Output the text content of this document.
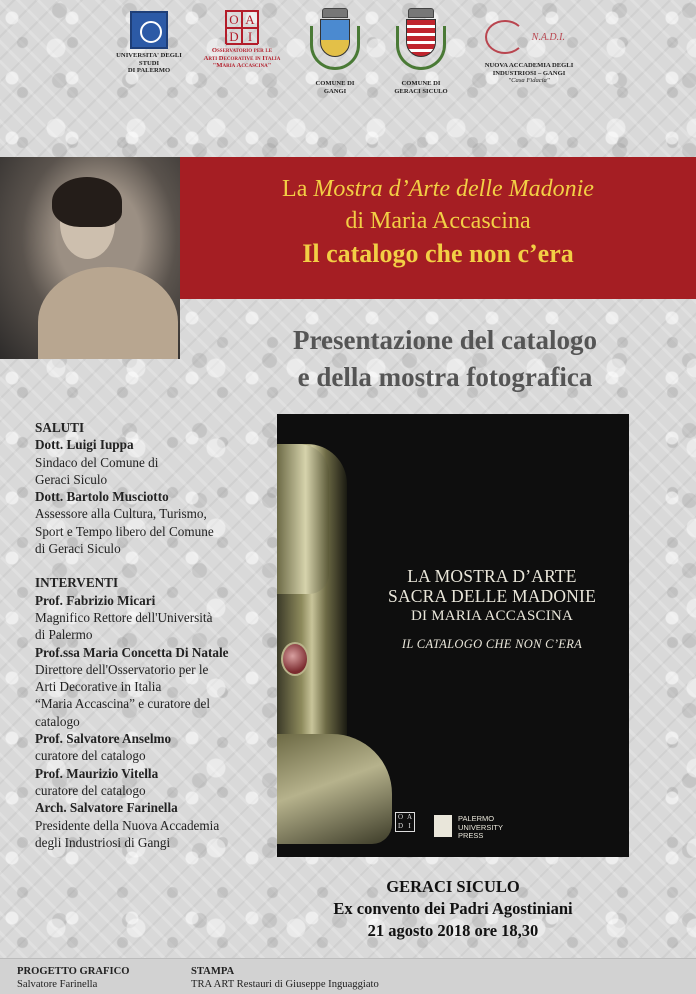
UNIVERSITA' DEGLI
STUDI
DI PALERMO
O A
D I
Osservatorio per le
Arti Decorative in Italia
"Maria Accascina"
COMUNE DI
GANGI
COMUNE DI
GERACI SICULO
N.A.D.I.
NUOVA ACCADEMIA DEGLI
INDUSTRIOSI – GANGI
"Casa Fidacia"
La Mostra d’Arte delle Madonie
di Maria Accascina
Il catalogo che non c’era
Presentazione del catalogo
e della mostra fotografica
SALUTI
Dott. Luigi Iuppa
Sindaco del Comune di
Geraci Siculo
Dott. Bartolo Musciotto
Assessore alla Cultura, Turismo,
Sport e Tempo libero del Comune
di Geraci Siculo
INTERVENTI
Prof. Fabrizio Micari
Magnifico Rettore dell'Università
di Palermo
Prof.ssa Maria Concetta Di Natale
Direttore dell'Osservatorio per le
Arti Decorative in Italia
“Maria Accascina” e curatore del
catalogo
Prof. Salvatore Anselmo
curatore del catalogo
Prof. Maurizio Vitella
curatore del catalogo
Arch. Salvatore Farinella
Presidente della Nuova Accademia
degli Industriosi di Gangi
LA MOSTRA D’ARTE
SACRA DELLE MADONIE
DI MARIA ACCASCINA
IL CATALOGO CHE NON C’ERA
O A
D I
PALERMO
UNIVERSITY
PRESS
GERACI SICULO
Ex convento dei Padri Agostiniani
21 agosto 2018 ore 18,30
PROGETTO GRAFICO
Salvatore Farinella
STAMPA
TRA ART Restauri di Giuseppe Inguaggiato
